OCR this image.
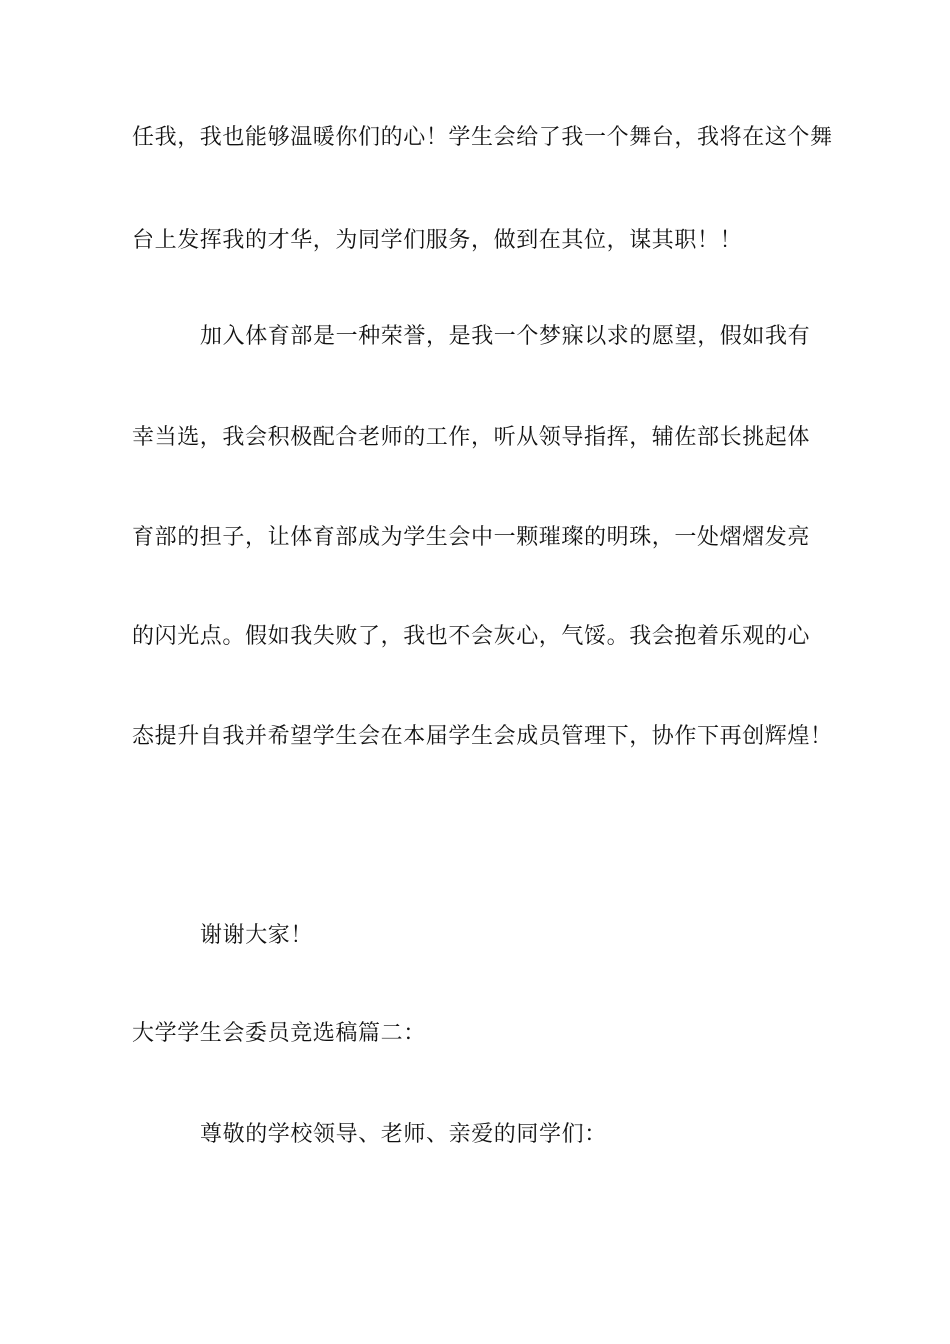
任我，我也能够温暖你们的心！学生会给了我一个舞台，我将在这个舞
台上发挥我的才华，为同学们服务，做到在其位，谋其职！！
加入体育部是一种荣誉，是我一个梦寐以求的愿望，假如我有
幸当选，我会积极配合老师的工作，听从领导指挥，辅佐部长挑起体
育部的担子，让体育部成为学生会中一颗璀璨的明珠，一处熠熠发亮
的闪光点。假如我失败了，我也不会灰心，气馁。我会抱着乐观的心
态提升自我并希望学生会在本届学生会成员管理下，协作下再创辉煌！
谢谢大家！
大学学生会委员竞选稿篇二：
尊敬的学校领导、老师、亲爱的同学们：
